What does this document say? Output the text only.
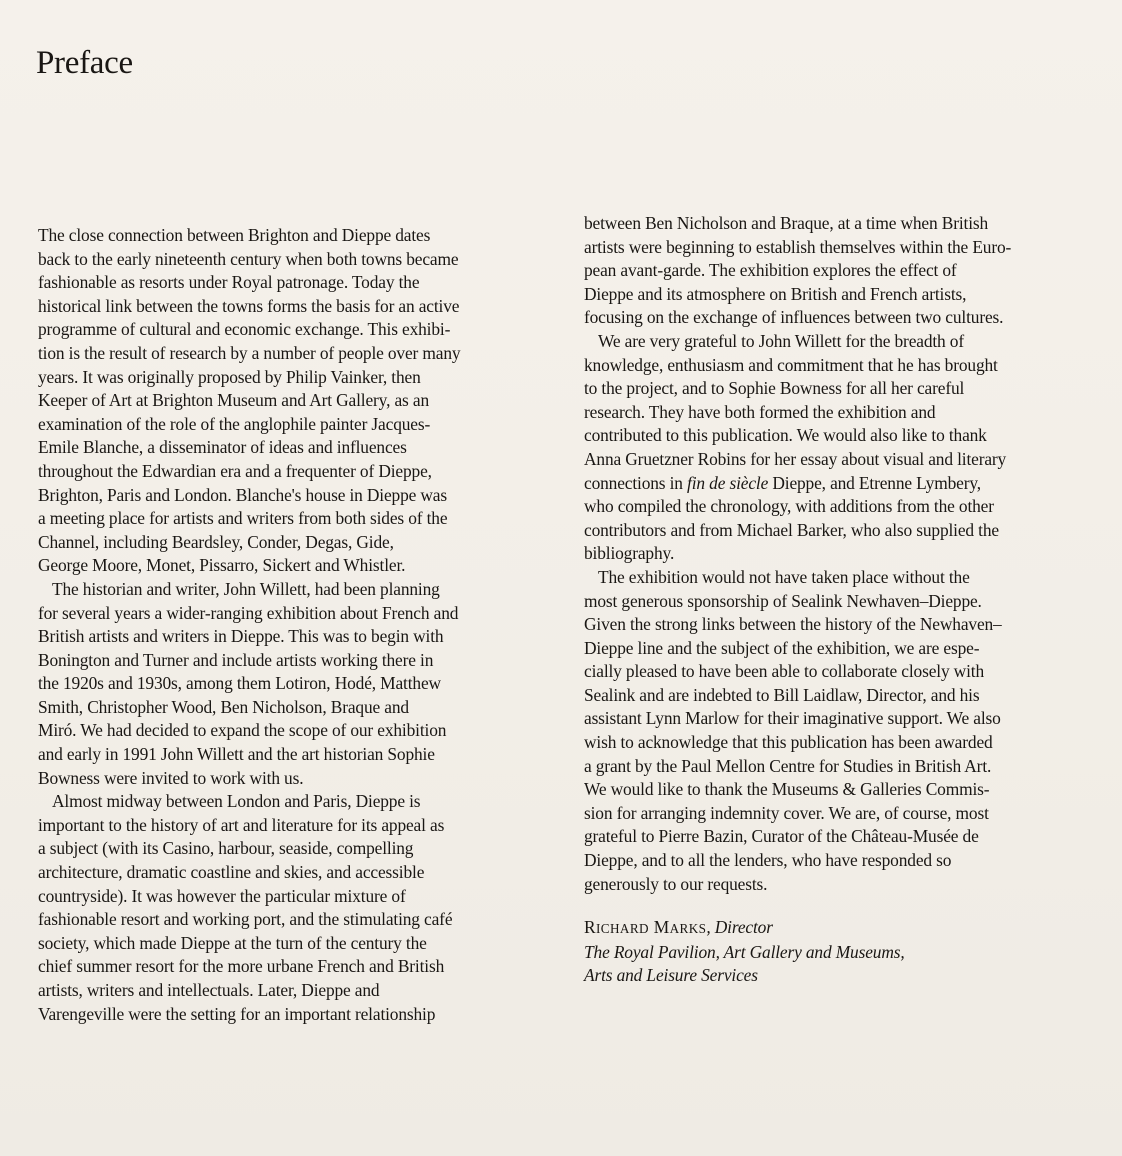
Preface
The close connection between Brighton and Dieppe dates
back to the early nineteenth century when both towns became
fashionable as resorts under Royal patronage. Today the
historical link between the towns forms the basis for an active
programme of cultural and economic exchange. This exhibi-
tion is the result of research by a number of people over many
years. It was originally proposed by Philip Vainker, then
Keeper of Art at Brighton Museum and Art Gallery, as an
examination of the role of the anglophile painter Jacques-
Emile Blanche, a disseminator of ideas and influences
throughout the Edwardian era and a frequenter of Dieppe,
Brighton, Paris and London. Blanche's house in Dieppe was
a meeting place for artists and writers from both sides of the
Channel, including Beardsley, Conder, Degas, Gide,
George Moore, Monet, Pissarro, Sickert and Whistler.
The historian and writer, John Willett, had been planning
for several years a wider-ranging exhibition about French and
British artists and writers in Dieppe. This was to begin with
Bonington and Turner and include artists working there in
the 1920s and 1930s, among them Lotiron, Hodé, Matthew
Smith, Christopher Wood, Ben Nicholson, Braque and
Miró. We had decided to expand the scope of our exhibition
and early in 1991 John Willett and the art historian Sophie
Bowness were invited to work with us.
Almost midway between London and Paris, Dieppe is
important to the history of art and literature for its appeal as
a subject (with its Casino, harbour, seaside, compelling
architecture, dramatic coastline and skies, and accessible
countryside). It was however the particular mixture of
fashionable resort and working port, and the stimulating café
society, which made Dieppe at the turn of the century the
chief summer resort for the more urbane French and British
artists, writers and intellectuals. Later, Dieppe and
Varengeville were the setting for an important relationship
between Ben Nicholson and Braque, at a time when British
artists were beginning to establish themselves within the Euro-
pean avant-garde. The exhibition explores the effect of
Dieppe and its atmosphere on British and French artists,
focusing on the exchange of influences between two cultures.
We are very grateful to John Willett for the breadth of
knowledge, enthusiasm and commitment that he has brought
to the project, and to Sophie Bowness for all her careful
research. They have both formed the exhibition and
contributed to this publication. We would also like to thank
Anna Gruetzner Robins for her essay about visual and literary
connections in fin de siècle Dieppe, and Etrenne Lymbery,
who compiled the chronology, with additions from the other
contributors and from Michael Barker, who also supplied the
bibliography.
The exhibition would not have taken place without the
most generous sponsorship of Sealink Newhaven–Dieppe.
Given the strong links between the history of the Newhaven–
Dieppe line and the subject of the exhibition, we are espe-
cially pleased to have been able to collaborate closely with
Sealink and are indebted to Bill Laidlaw, Director, and his
assistant Lynn Marlow for their imaginative support. We also
wish to acknowledge that this publication has been awarded
a grant by the Paul Mellon Centre for Studies in British Art.
We would like to thank the Museums & Galleries Commis-
sion for arranging indemnity cover. We are, of course, most
grateful to Pierre Bazin, Curator of the Château-Musée de
Dieppe, and to all the lenders, who have responded so
generously to our requests.
RICHARD MARKS, Director
The Royal Pavilion, Art Gallery and Museums,
Arts and Leisure Services
